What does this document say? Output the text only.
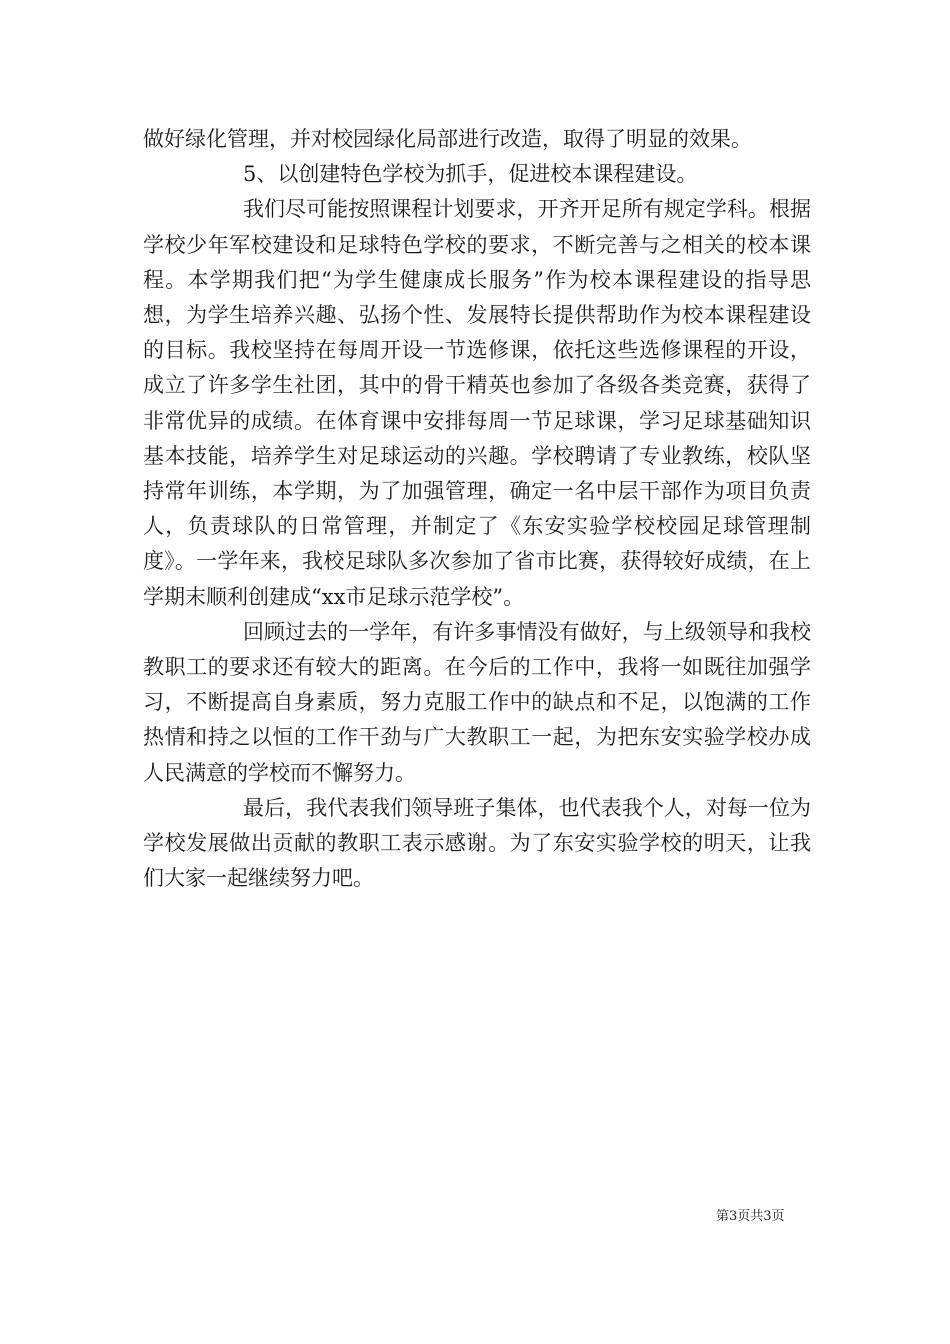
做好绿化管理，并对校园绿化局部进行改造，取得了明显的效果。

5、以创建特色学校为抓手，促进校本课程建设。

我们尽可能按照课程计划要求，开齐开足所有规定学科。根据学校少年军校建设和足球特色学校的要求，不断完善与之相关的校本课程。本学期我们把“为学生健康成长服务”作为校本课程建设的指导思想，为学生培养兴趣、弘扬个性、发展特长提供帮助作为校本课程建设的目标。我校坚持在每周开设一节选修课，依托这些选修课程的开设，成立了许多学生社团，其中的骨干精英也参加了各级各类竞赛，获得了非常优异的成绩。在体育课中安排每周一节足球课，学习足球基础知识基本技能，培养学生对足球运动的兴趣。学校聘请了专业教练，校队坚持常年训练，本学期，为了加强管理，确定一名中层干部作为项目负责人，负责球队的日常管理，并制定了《东安实验学校校园足球管理制度》。一学年来，我校足球队多次参加了省市比赛，获得较好成绩，在上学期末顺利创建成“xx市足球示范学校”。

回顾过去的一学年，有许多事情没有做好，与上级领导和我校教职工的要求还有较大的距离。在今后的工作中，我将一如既往加强学习，不断提高自身素质，努力克服工作中的缺点和不足，以饱满的工作热情和持之以恒的工作干劲与广大教职工一起，为把东安实验学校办成人民满意的学校而不懈努力。

最后，我代表我们领导班子集体，也代表我个人，对每一位为学校发展做出贡献的教职工表示感谢。为了东安实验学校的明天，让我们大家一起继续努力吧。

第3页共3页
